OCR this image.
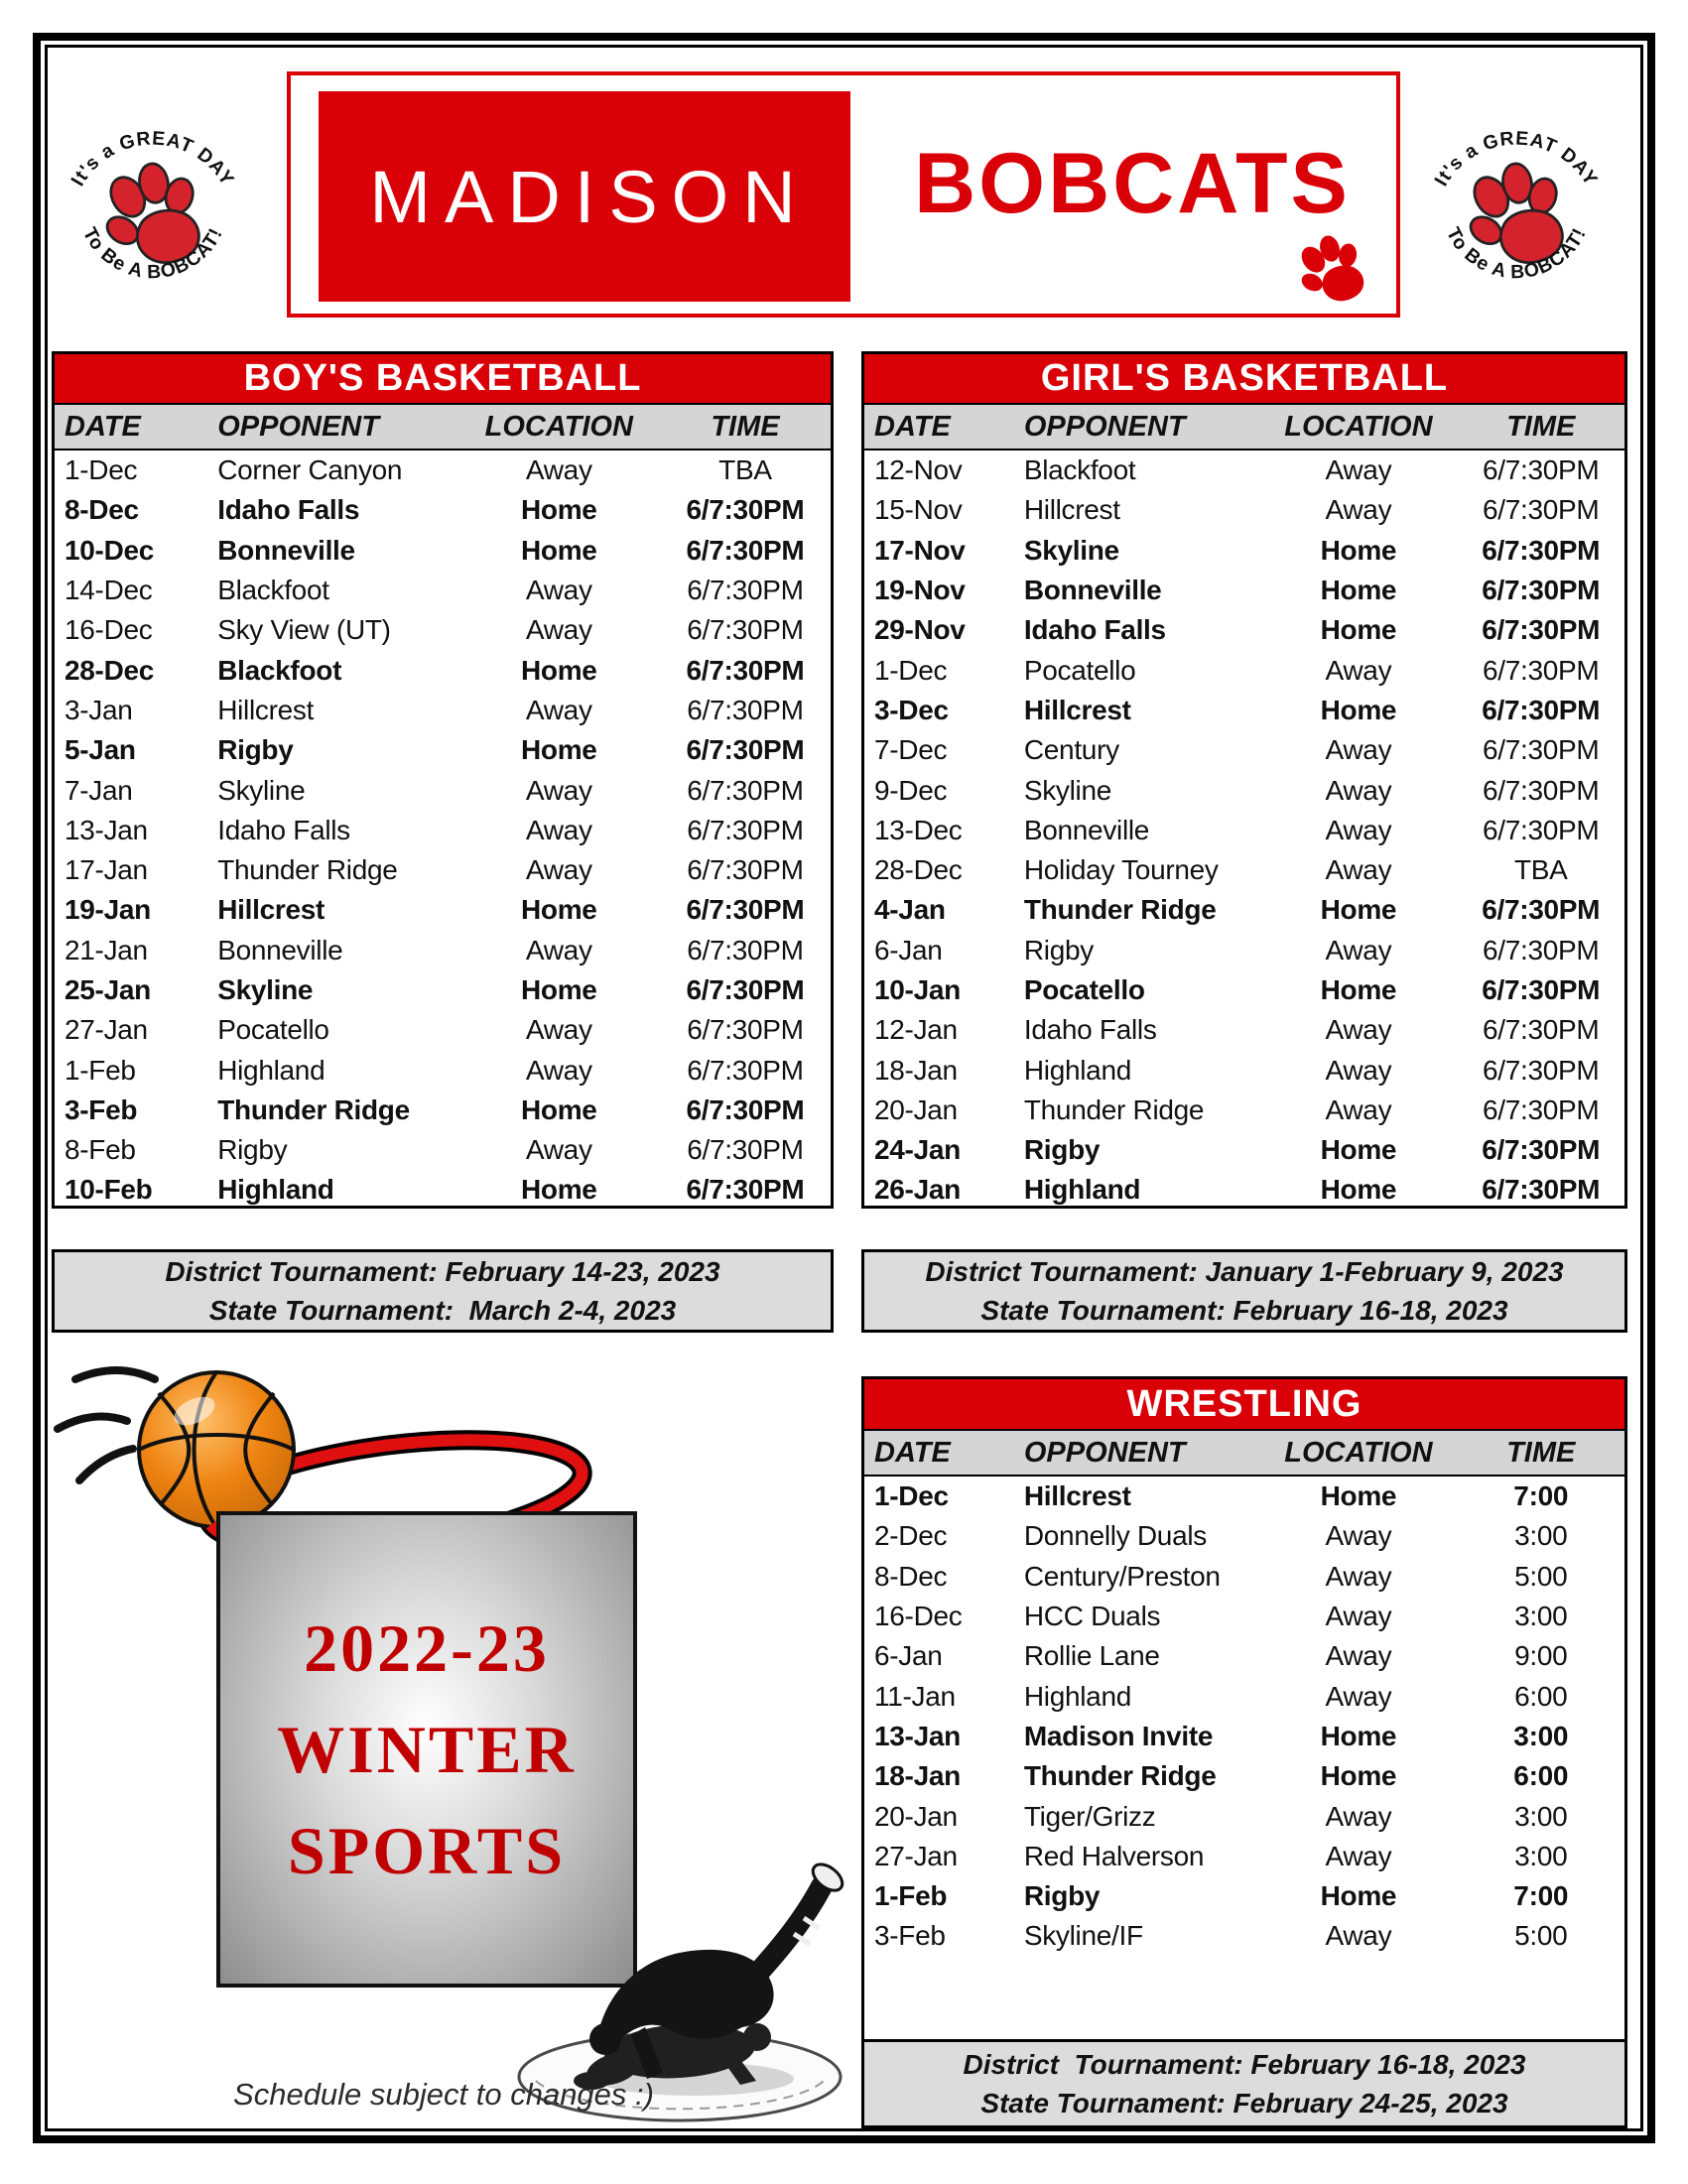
It's a GREAT DAY
To Be A BOBCAT! MADISON	BOBCATS	It's a GREAT DAY
To Be A BOBCAT!
BOY'S BASKETBALL
DATE	OPPONENT	LOCATION	TIME
1-Dec	Corner Canyon	Away	TBA
8-Dec	Idaho Falls	Home	6/7:30PM
10-Dec	Bonneville	Home	6/7:30PM
14-Dec	Blackfoot	Away	6/7:30PM
16-Dec	Sky View (UT)	Away	6/7:30PM
28-Dec	Blackfoot	Home	6/7:30PM
3-Jan	Hillcrest	Away	6/7:30PM
5-Jan	Rigby	Home	6/7:30PM
7-Jan	Skyline	Away	6/7:30PM
13-Jan	Idaho Falls	Away	6/7:30PM
17-Jan	Thunder Ridge	Away	6/7:30PM
19-Jan	Hillcrest	Home	6/7:30PM
21-Jan	Bonneville	Away	6/7:30PM
25-Jan	Skyline	Home	6/7:30PM
27-Jan	Pocatello	Away	6/7:30PM
1-Feb	Highland	Away	6/7:30PM
3-Feb	Thunder Ridge	Home	6/7:30PM
8-Feb	Rigby	Away	6/7:30PM
10-Feb	Highland	Home	6/7:30PM
District Tournament: February 14-23, 2023
State Tournament:  March 2-4, 2023
GIRL'S BASKETBALL
DATE	OPPONENT	LOCATION	TIME
12-Nov	Blackfoot	Away	6/7:30PM
15-Nov	Hillcrest	Away	6/7:30PM
17-Nov	Skyline	Home	6/7:30PM
19-Nov	Bonneville	Home	6/7:30PM
29-Nov	Idaho Falls	Home	6/7:30PM
1-Dec	Pocatello	Away	6/7:30PM
3-Dec	Hillcrest	Home	6/7:30PM
7-Dec	Century	Away	6/7:30PM
9-Dec	Skyline	Away	6/7:30PM
13-Dec	Bonneville	Away	6/7:30PM
28-Dec	Holiday Tourney	Away	TBA
4-Jan	Thunder Ridge	Home	6/7:30PM
6-Jan	Rigby	Away	6/7:30PM
10-Jan	Pocatello	Home	6/7:30PM
12-Jan	Idaho Falls	Away	6/7:30PM
18-Jan	Highland	Away	6/7:30PM
20-Jan	Thunder Ridge	Away	6/7:30PM
24-Jan	Rigby	Home	6/7:30PM
26-Jan	Highland	Home	6/7:30PM
District Tournament: January 1-February 9, 2023
State Tournament: February 16-18, 2023
WRESTLING
DATE	OPPONENT	LOCATION	TIME
1-Dec	Hillcrest	Home	7:00
2-Dec	Donnelly Duals	Away	3:00
8-Dec	Century/Preston	Away	5:00
16-Dec	HCC Duals	Away	3:00
6-Jan	Rollie Lane	Away	9:00
11-Jan	Highland	Away	6:00
13-Jan	Madison Invite	Home	3:00
18-Jan	Thunder Ridge	Home	6:00
20-Jan	Tiger/Grizz	Away	3:00
27-Jan	Red Halverson	Away	3:00
1-Feb	Rigby	Home	7:00
3-Feb	Skyline/IF	Away	5:00
District  Tournament: February 16-18, 2023
State Tournament: February 24-25, 2023
2022-23
WINTER
SPORTS
Schedule subject to changes :)
